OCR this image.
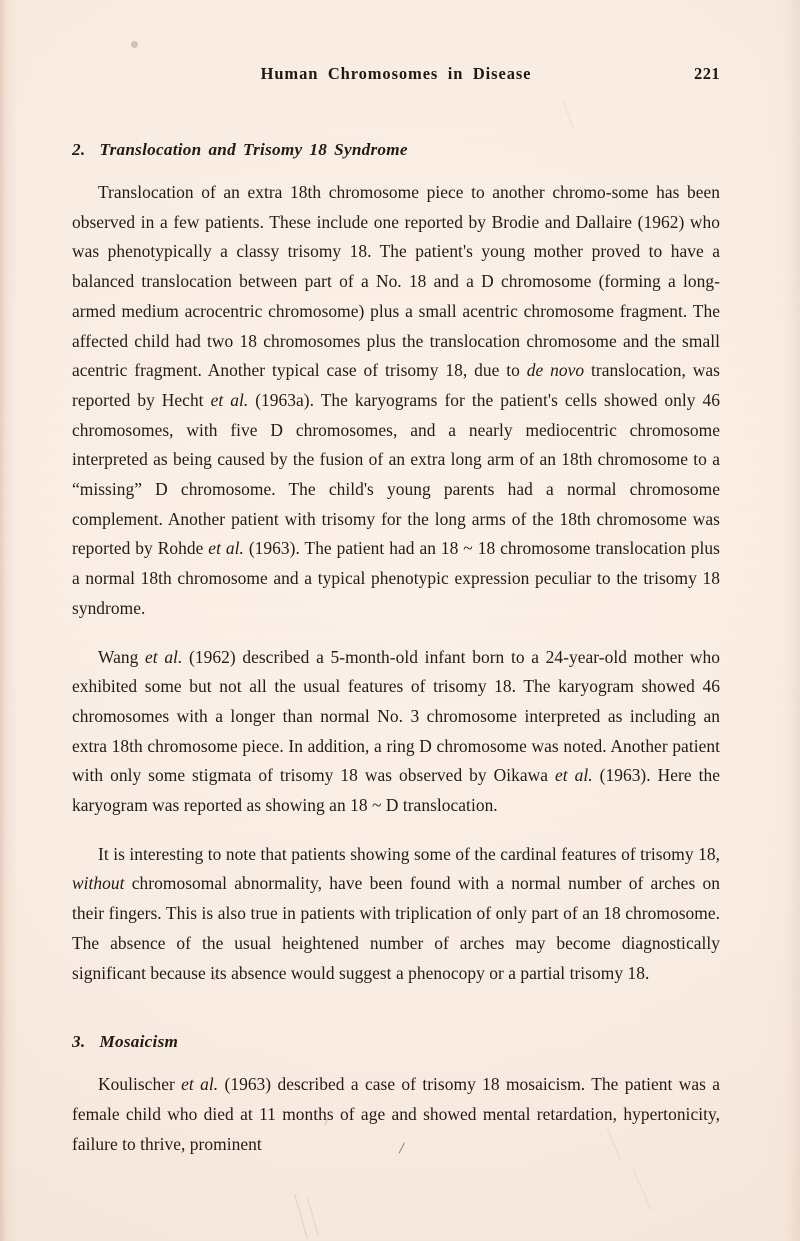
Human Chromosomes in Disease	221
2.  Translocation and Trisomy 18 Syndrome

Translocation of an extra 18th chromosome piece to another chromo-some has been observed in a few patients. These include one reported by Brodie and Dallaire (1962) who was phenotypically a classy trisomy 18. The patient's young mother proved to have a balanced translocation between part of a No. 18 and a D chromosome (forming a long-armed medium acrocentric chromosome) plus a small acentric chromosome fragment. The affected child had two 18 chromosomes plus the translocation chromosome and the small acentric fragment. Another typical case of trisomy 18, due to de novo translocation, was reported by Hecht et al. (1963a). The karyograms for the patient's cells showed only 46 chromosomes, with five D chromosomes, and a nearly mediocentric chromosome interpreted as being caused by the fusion of an extra long arm of an 18th chromosome to a “missing” D chromosome. The child's young parents had a normal chromosome complement. Another patient with trisomy for the long arms of the 18th chromosome was reported by Rohde et al. (1963). The patient had an 18 ~ 18 chromosome translocation plus a normal 18th chromosome and a typical phenotypic expression peculiar to the trisomy 18 syndrome.

Wang et al. (1962) described a 5-month-old infant born to a 24-year-old mother who exhibited some but not all the usual features of trisomy 18. The karyogram showed 46 chromosomes with a longer than normal No. 3 chromosome interpreted as including an extra 18th chromosome piece. In addition, a ring D chromosome was noted. Another patient with only some stigmata of trisomy 18 was observed by Oikawa et al. (1963). Here the karyogram was reported as showing an 18 ~ D translocation.

It is interesting to note that patients showing some of the cardinal features of trisomy 18, without chromosomal abnormality, have been found with a normal number of arches on their fingers. This is also true in patients with triplication of only part of an 18 chromosome. The absence of the usual heightened number of arches may become diagnostically significant because its absence would suggest a phenocopy or a partial trisomy 18.

3.  Mosaicism

Koulischer et al. (1963) described a case of trisomy 18 mosaicism. The patient was a female child who died at 11 months of age and showed mental retardation, hypertonicity, failure to thrive, prominent
